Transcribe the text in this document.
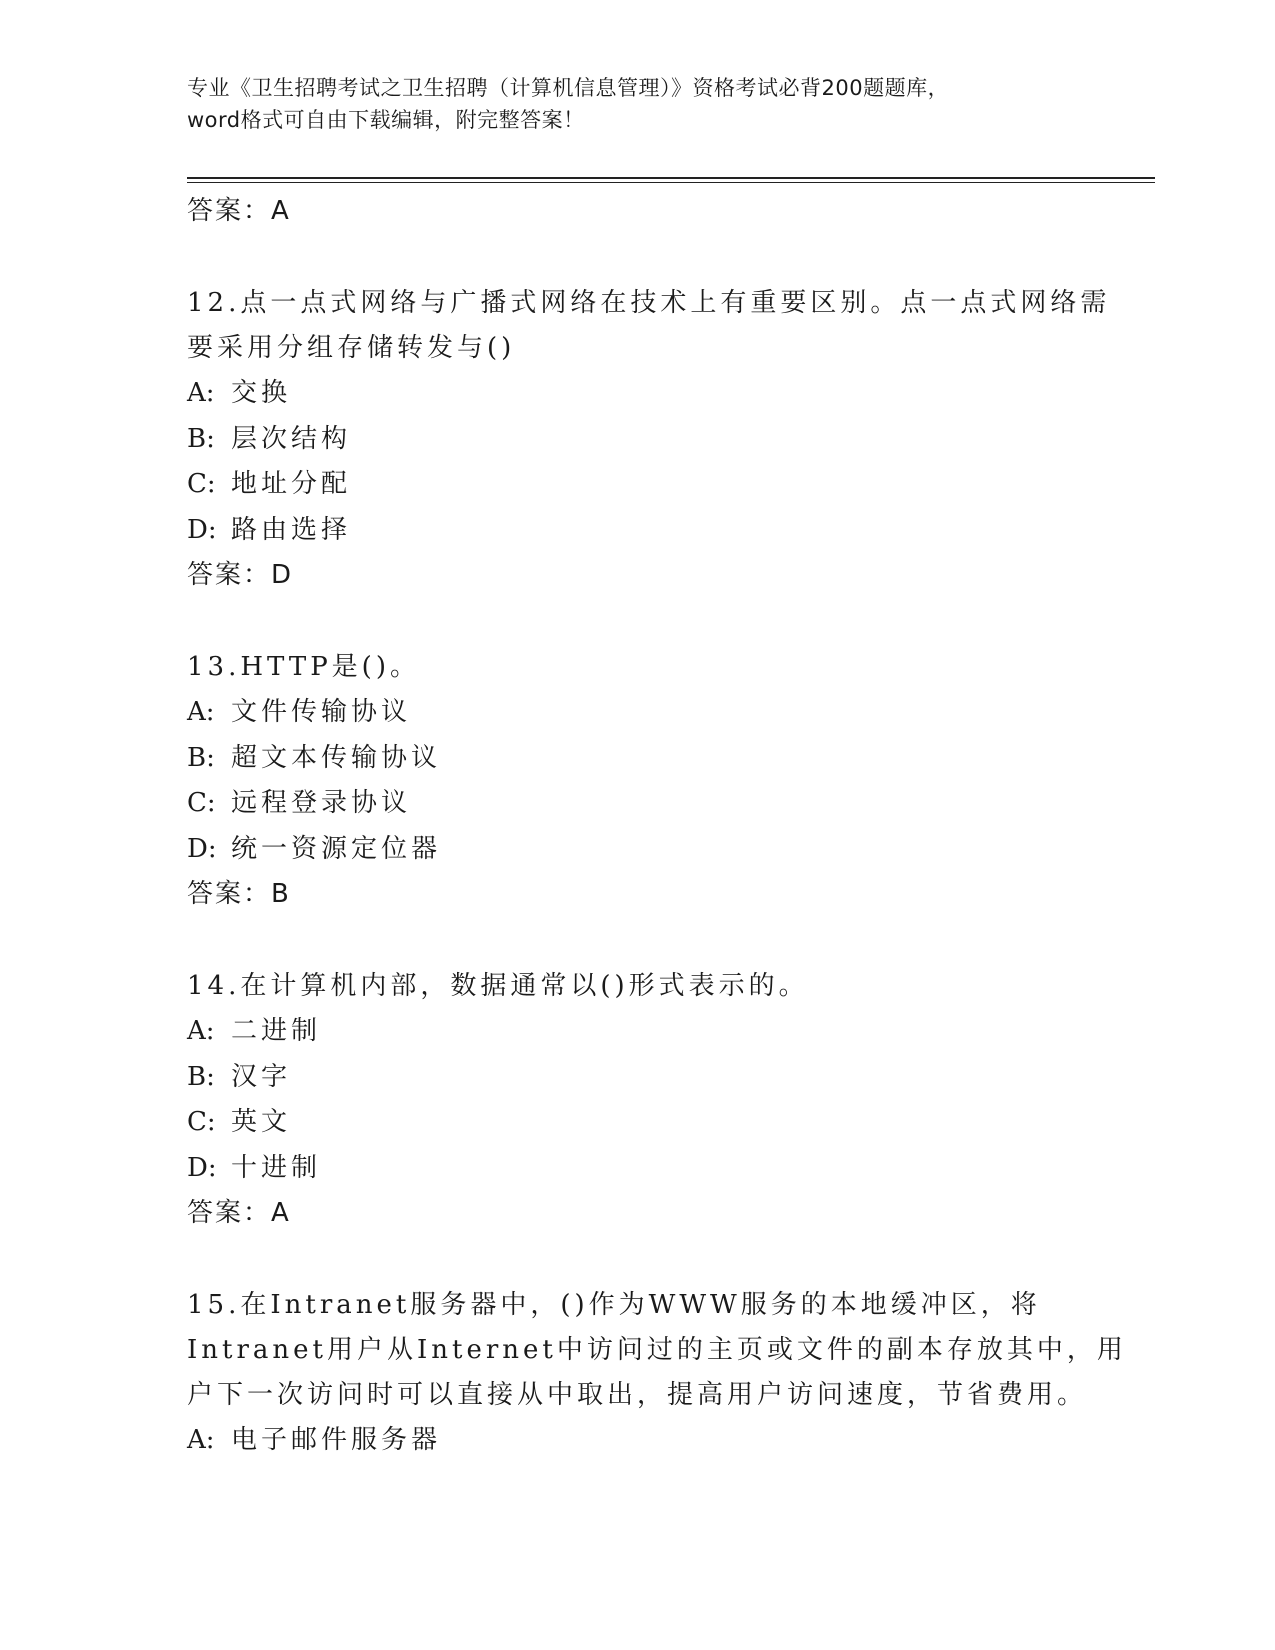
专业《卫生招聘考试之卫生招聘（计算机信息管理）》资格考试必背200题题库，
word格式可自由下载编辑，附完整答案！
答案：A
12.点一点式网络与广播式网络在技术上有重要区别。点一点式网络需
要采用分组存储转发与()
A: 交换
B: 层次结构
C: 地址分配
D: 路由选择
答案：D
13.HTTP是()。
A: 文件传输协议
B: 超文本传输协议
C: 远程登录协议
D: 统一资源定位器
答案：B
14.在计算机内部，数据通常以()形式表示的。
A: 二进制
B: 汉字
C: 英文
D: 十进制
答案：A
15.在Intranet服务器中，()作为WWW服务的本地缓冲区，将
Intranet用户从Internet中访问过的主页或文件的副本存放其中，用
户下一次访问时可以直接从中取出，提高用户访问速度，节省费用。
A: 电子邮件服务器
